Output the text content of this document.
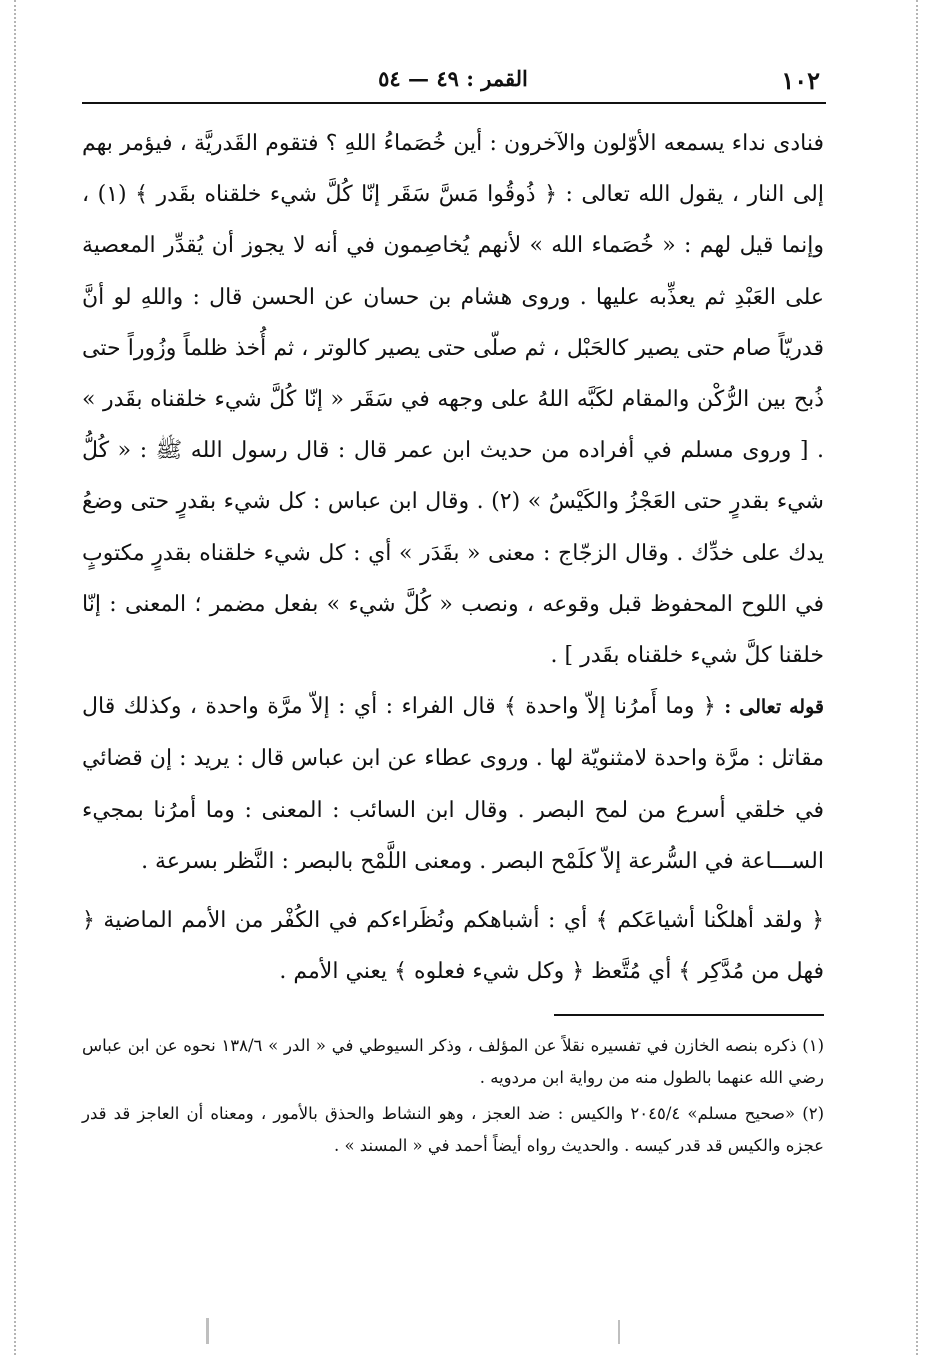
١٠٢
القمر : ٤٩ — ٥٤

فنادى نداء يسمعه الأوّلون والآخرون : أين خُصَماءُ اللهِ ؟ فتقوم القَدريَّة ، فيؤمر بهم إلى النار ، يقول الله تعالى : ﴿ ذُوقُوا مَسَّ سَقَر إنّا كُلَّ شيء خلقناه بقَدر ﴾ (١) ، وإنما قيل لهم : « خُصَماء الله » لأنهم يُخاصِمون في أنه لا يجوز أن يُقدِّر المعصية على العَبْدِ ثم يعذِّبه عليها . وروى هشام بن حسان عن الحسن قال : واللهِ لو أنَّ قدريّاً صام حتى يصير كالحَبْل ، ثم صلّى حتى يصير كالوتر ، ثم أُخذ ظلماً وزُوراً حتى ذُبح بين الرُّكْن والمقام لكَبَّه اللهُ على وجهه في سَقَر « إنّا كُلَّ شيء خلقناه بقَدر » . [ وروى مسلم في أفراده من حديث ابن عمر قال : قال رسول الله ﷺ : « كُلُّ شيء بقدرٍ حتى العَجْزُ والكَيْسُ » (٢) . وقال ابن عباس : كل شيء بقدرٍ حتى وضعُ يدك على خدِّك . وقال الزجّاج : معنى « بقَدَر » أي : كل شيء خلقناه بقدرٍ مكتوبٍ في اللوح المحفوظ قبل وقوعه ، ونصب « كُلَّ شيء » بفعل مضمر ؛ المعنى : إنّا خلقنا كلَّ شيء خلقناه بقَدر ] .

قوله تعالى : ﴿ وما أَمرُنا إلاّ واحدة ﴾ قال الفراء : أي : إلاّ مرَّة واحدة ، وكذلك قال مقاتل : مرَّة واحدة لامثنويّة لها . وروى عطاء عن ابن عباس قال : يريد : إن قضائي في خلقي أسرع من لمح البصر . وقال ابن السائب : المعنى : وما أمرُنا بمجيء الســـاعة في السُّرعة إلاّ كلَمْح البصر . ومعنى اللَّمْح بالبصر : النَّظر بسرعة .

﴿ ولقد أهلكْنا أشياعَكم ﴾ أي : أشباهكم ونُظَراءكم في الكُفْر من الأمم الماضية ﴿ فهل من مُدَّكِر ﴾ أي مُتَّعظ ﴿ وكل شيء فعلوه ﴾ يعني الأمم .

(١) ذكره بنصه الخازن في تفسيره نقلاً عن المؤلف ، وذكر السيوطي في « الدر » ١٣٨/٦ نحوه عن ابن عباس رضي الله عنهما بالطول منه من رواية ابن مردويه .

(٢) «صحيح مسلم» ٢٠٤٥/٤ والكيس : ضد العجز ، وهو النشاط والحذق بالأمور ، ومعناه أن العاجز قد قدر عجزه والكيس قد قدر كيسه . والحديث رواه أيضاً أحمد في « المسند » .
